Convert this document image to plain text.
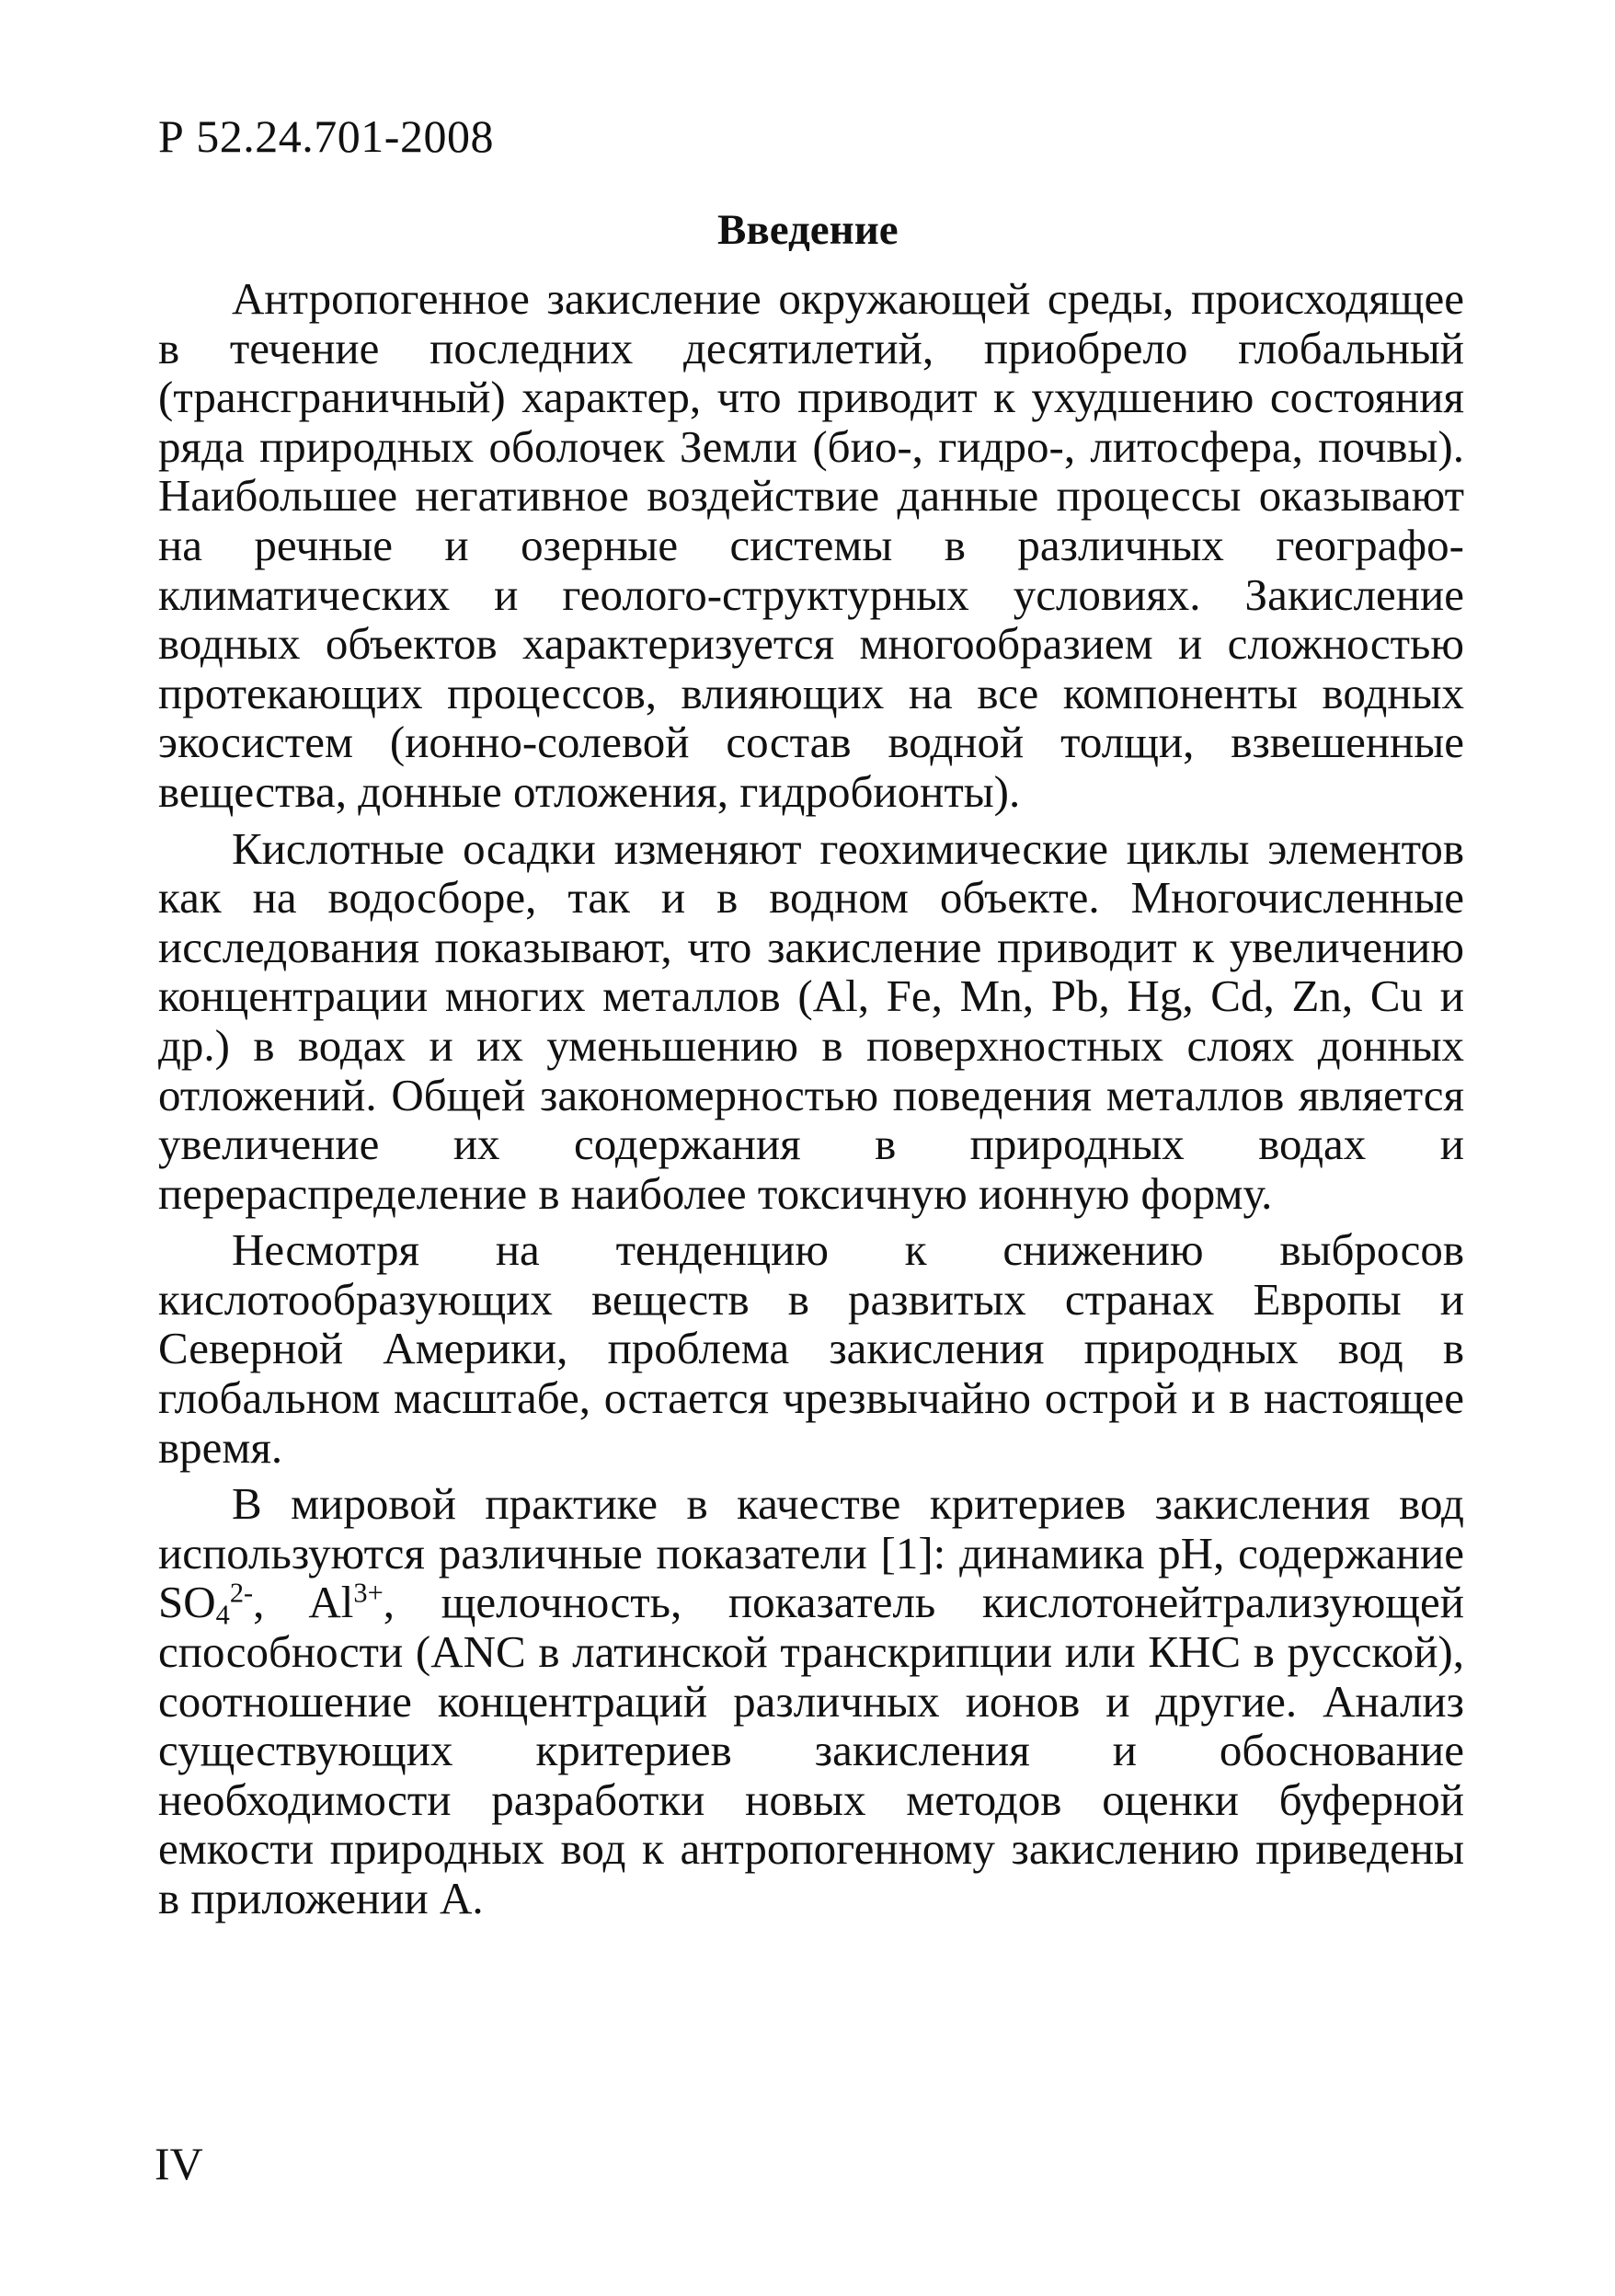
Р 52.24.701-2008
Введение

Антропогенное закисление окружающей среды, происходящее в течение последних десятилетий, приобрело глобальный (трансграничный) характер, что приводит к ухудшению состояния ряда природных оболочек Земли (био-, гидро-, литосфера, почвы). Наибольшее негативное воздействие данные процессы оказывают на речные и озерные системы в различных географо-климатических и геолого-структурных условиях. Закисление водных объектов характеризуется многообразием и сложностью протекающих процессов, влияющих на все компоненты водных экосистем (ионно-солевой состав водной толщи, взвешенные вещества, донные отложения, гидробионты).

Кислотные осадки изменяют геохимические циклы элементов как на водосборе, так и в водном объекте. Многочисленные исследования показывают, что закисление приводит к увеличению концентрации многих металлов (Al, Fe, Mn, Pb, Hg, Cd, Zn, Cu и др.) в водах и их уменьшению в поверхностных слоях донных отложений. Общей закономерностью поведения металлов является увеличение их содержания в природных водах и перераспределение в наиболее токсичную ионную форму.

Несмотря на тенденцию к снижению выбросов кислотообразующих веществ в развитых странах Европы и Северной Америки, проблема закисления природных вод в глобальном масштабе, остается чрезвычайно острой и в настоящее время.

В мировой практике в качестве критериев закисления вод используются различные показатели [1]: динамика pH, содержание $SO_4^{2-}$, $Al^{3+}$, щелочность, показатель кислотонейтрализующей способности (ANC в латинской транскрипции или КНС в русской), соотношение концентраций различных ионов и другие. Анализ существующих критериев закисления и обоснование необходимости разработки новых методов оценки буферной емкости природных вод к антропогенному закислению приведены в приложении А.

IV
